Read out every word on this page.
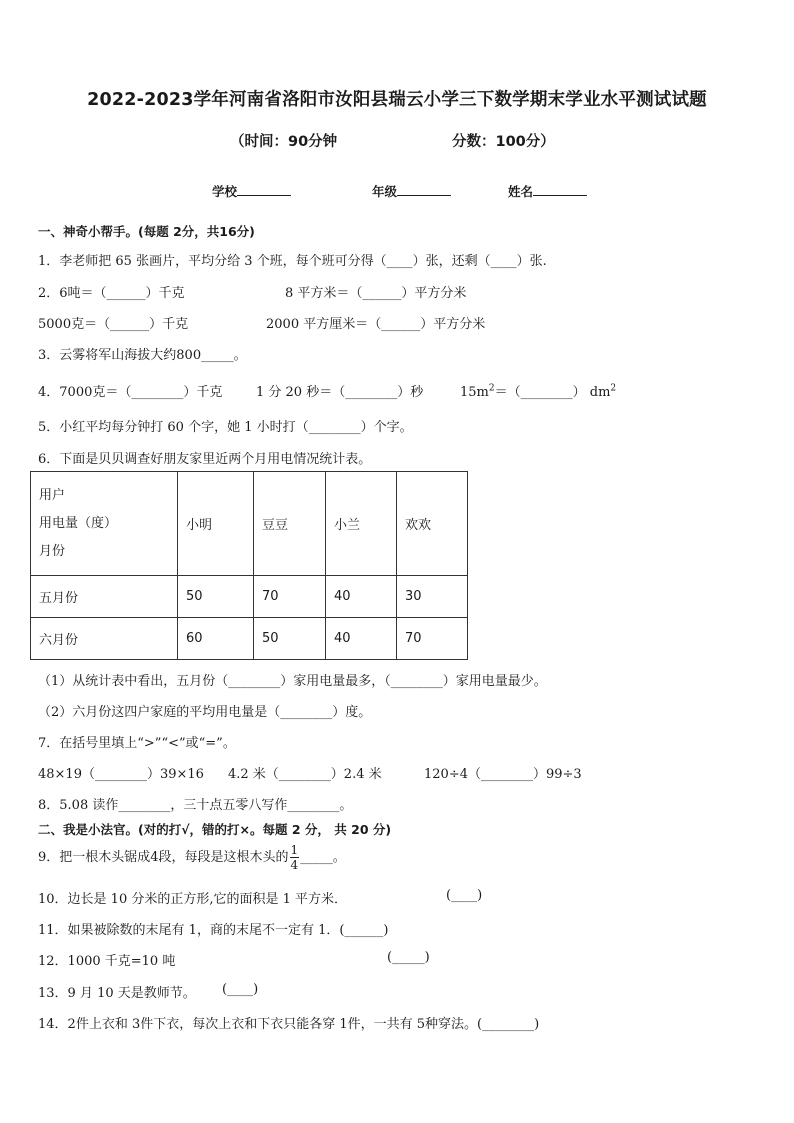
2022-2023学年河南省洛阳市汝阳县瑞云小学三下数学期末学业水平测试试题
（时间：90分钟	分数：100分）
学校	年级	姓名
一、神奇小帮手。(每题 2分，共16分)
1．李老师把 65 张画片，平均分给 3 个班，每个班可分得（____）张，还剩（____）张.
2．6吨＝（______）千克	8 平方米＝（______）平方分米
5000克＝（______）千克	2000 平方厘米＝（______）平方分米
3．云雾将军山海拔大约800_____。
4．7000克＝（________）千克	1 分 20 秒＝（________）秒	$15m^2=(\_\_\_\_\_\_\_\_)$ $dm^2$
5．小红平均每分钟打 60 个字，她 1 小时打（________）个字。
6．下面是贝贝调查好朋友家里近两个月用电情况统计表。
用户
用电量（度）
月份	小明	豆豆	小兰	欢欢
五月份	50	70	40	30
六月份	60	50	40	70
（1）从统计表中看出，五月份（________）家用电量最多，（________）家用电量最少。
（2）六月份这四户家庭的平均用电量是（________）度。
7．在括号里填上“>”“<”或“=”。
48×19（________）39×16 4.2 米（________）2.4 米	120÷4（________）99÷3
8．5.08 读作________，三十点五零八写作________。
二、我是小法官。(对的打√，错的打×。每题 2 分， 共 20 分)
9．把一根木头锯成4段，每段是这根木头的 $\frac{1}{4}$ _____。
10．边长是 10 分米的正方形,它的面积是 1 平方米．	(____)
11．如果被除数的末尾有 1，商的末尾不一定有 1．(______)
12．1000 千克=10 吨	(_____)
13．9 月 10 天是教师节。 (____)
14．2件上衣和 3件下衣，每次上衣和下衣只能各穿 1件，一共有 5种穿法。(________)
